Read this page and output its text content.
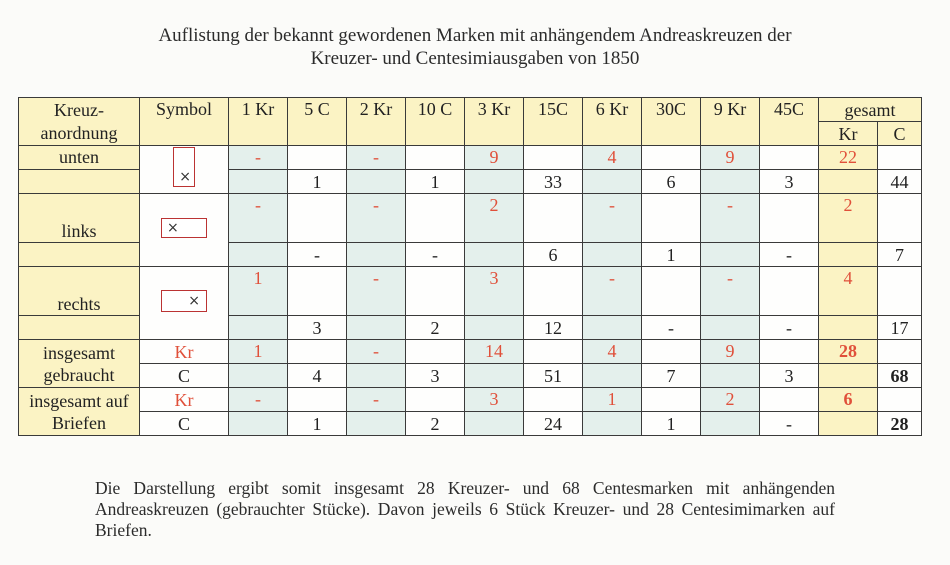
Auflistung der bekannt gewordenen Marken mit anhängendem Andreaskreuzen der
Kreuzer- und Centesimiausgaben von 1850
Kreuz-	Symbol	1 Kr	5 C	2 Kr	10 C	3 Kr	15C	6 Kr	30C	9 Kr	45C	gesamt	
anordnung												Kr	C
unten	×	-		-		9		4		9		22	
			1		1		33		6		3		44
links	×	-		-		2		-		-		2	
			-		-		6		1		-		7
rechts	×	1		-		3		-		-		4	
			3		2		12		-		-		17

insgesamt
gebraucht	Kr	1		-		14		4		9		28	
	C		4		3		51		7		3		68

insgesamt auf
Briefen	Kr	-		-		3		1		2		6	
	C		1		2		24		1		-		28
Die Darstellung ergibt somit insgesamt 28 Kreuzer- und 68 Centesmarken mit anhängenden Andreaskreuzen (gebrauchter Stücke). Davon jeweils 6 Stück Kreuzer- und 28 Centesimimarken auf Briefen.
